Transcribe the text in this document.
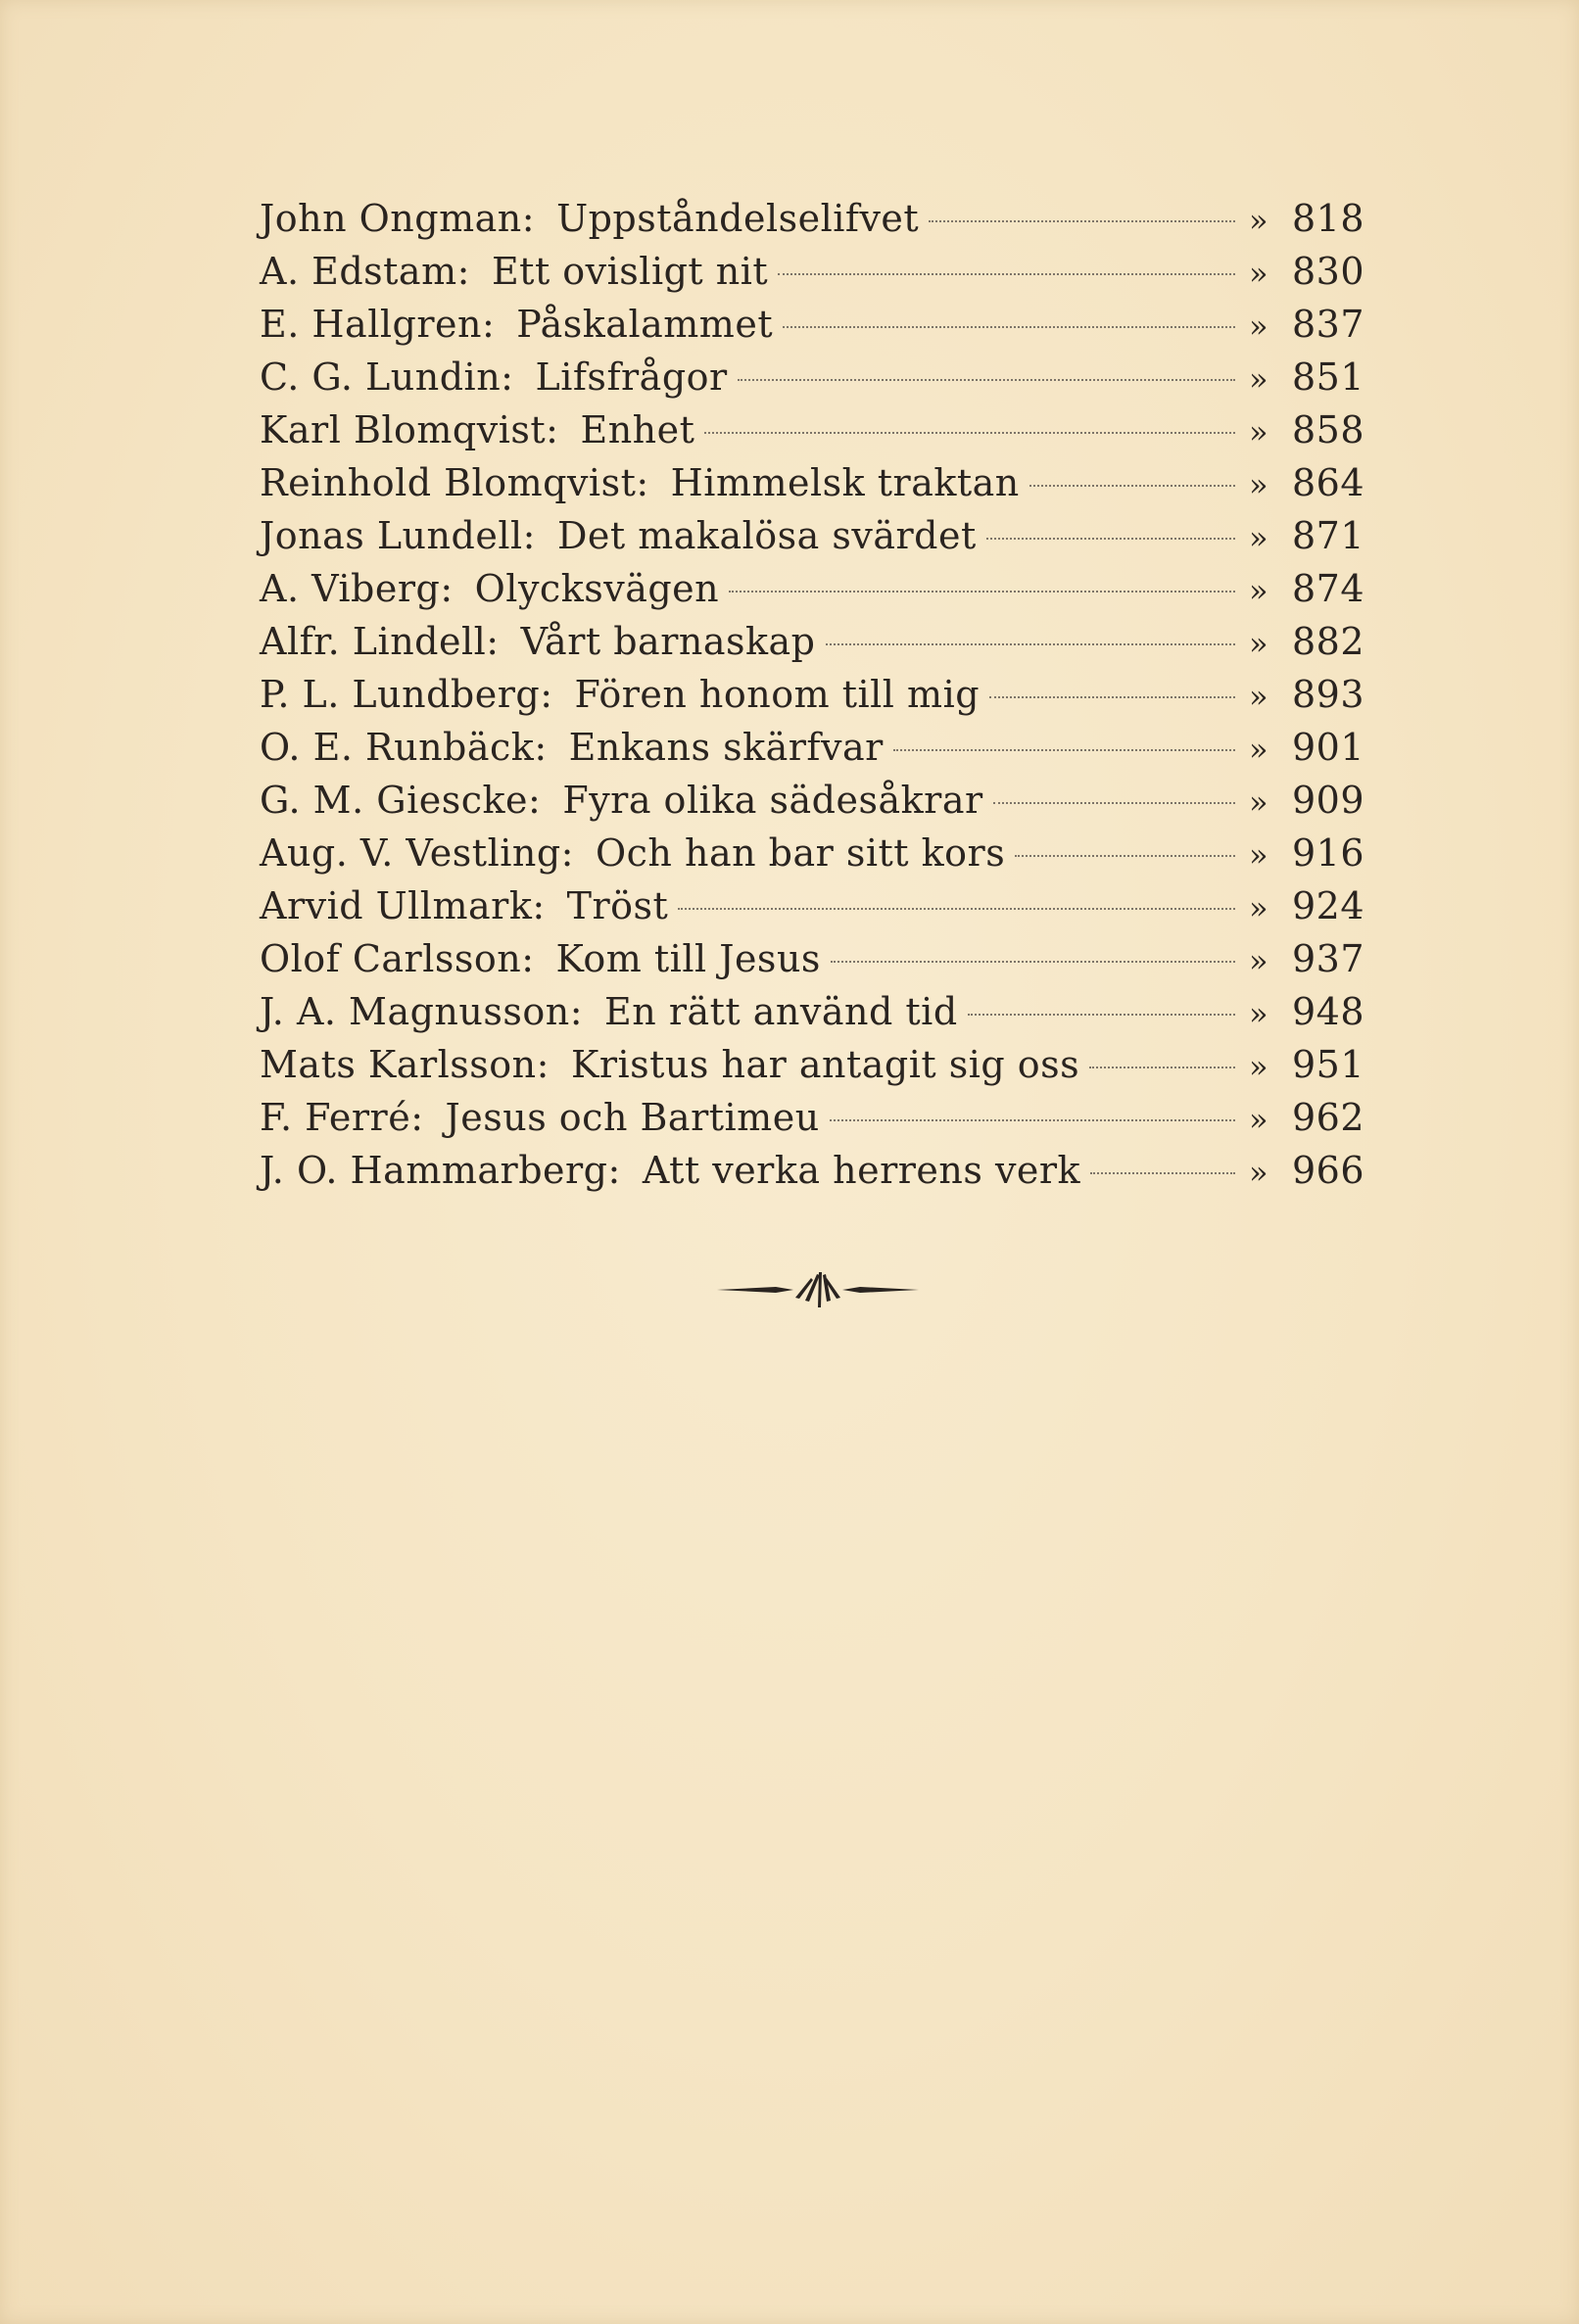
John Ongman: Uppståndelselifvet	» 818
A. Edstam: Ett ovisligt nit	» 830
E. Hallgren: Påskalammet	» 837
C. G. Lundin: Lifsfrågor	» 851
Karl Blomqvist: Enhet	» 858
Reinhold Blomqvist: Himmelsk traktan	» 864
Jonas Lundell: Det makalösa svärdet	» 871
A. Viberg: Olycksvägen	» 874
Alfr. Lindell: Vårt barnaskap	» 882
P. L. Lundberg: Fören honom till mig	» 893
O. E. Runbäck: Enkans skärfvar	» 901
G. M. Giescke: Fyra olika sädesåkrar	» 909
Aug. V. Vestling: Och han bar sitt kors	» 916
Arvid Ullmark: Tröst	» 924
Olof Carlsson: Kom till Jesus	» 937
J. A. Magnusson: En rätt använd tid	» 948
Mats Karlsson: Kristus har antagit sig oss	» 951
F. Ferré: Jesus och Bartimeu	» 962
J. O. Hammarberg: Att verka herrens verk	» 966
